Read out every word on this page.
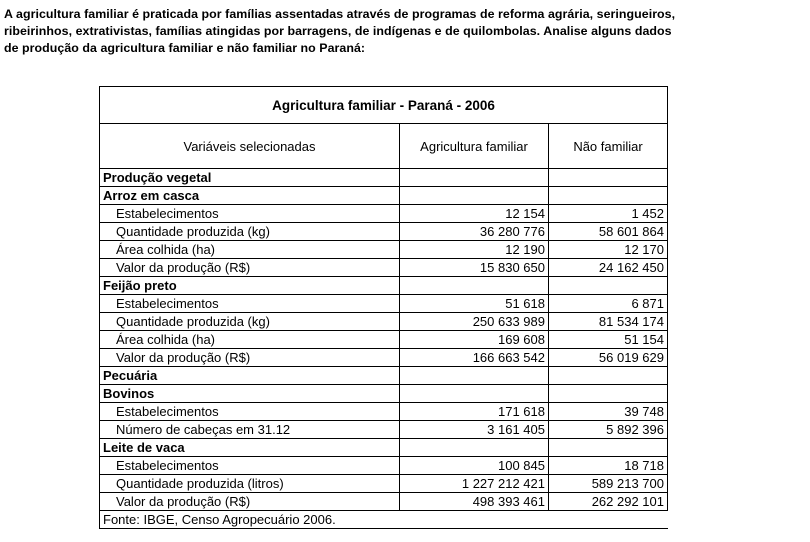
A agricultura familiar é praticada por famílias assentadas através de programas de reforma agrária, seringueiros,

ribeirinhos, extrativistas, famílias atingidas por barragens, de indígenas e de quilombolas. Analise alguns dados

de produção da agricultura familiar e não familiar no Paraná:

Agricultura familiar - Paraná - 2006		
Variáveis selecionadas	Agricultura familiar	Não familiar
Produção vegetal		
Arroz em casca		
Estabelecimentos	12 154	1 452
Quantidade produzida (kg)	36 280 776	58 601 864
Área colhida (ha)	12 190	12 170
Valor da produção (R$)	15 830 650	24 162 450
Feijão preto		
Estabelecimentos	51 618	6 871
Quantidade produzida (kg)	250 633 989	81 534 174
Área colhida (ha)	169 608	51 154
Valor da produção (R$)	166 663 542	56 019 629
Pecuária		
Bovinos		
Estabelecimentos	171 618	39 748
Número de cabeças em 31.12	3 161 405	5 892 396
Leite de vaca		
Estabelecimentos	100 845	18 718
Quantidade produzida (litros)	1 227 212 421	589 213 700
Valor da produção (R$)	498 393 461	262 292 101
Fonte: IBGE, Censo Agropecuário 2006.		
